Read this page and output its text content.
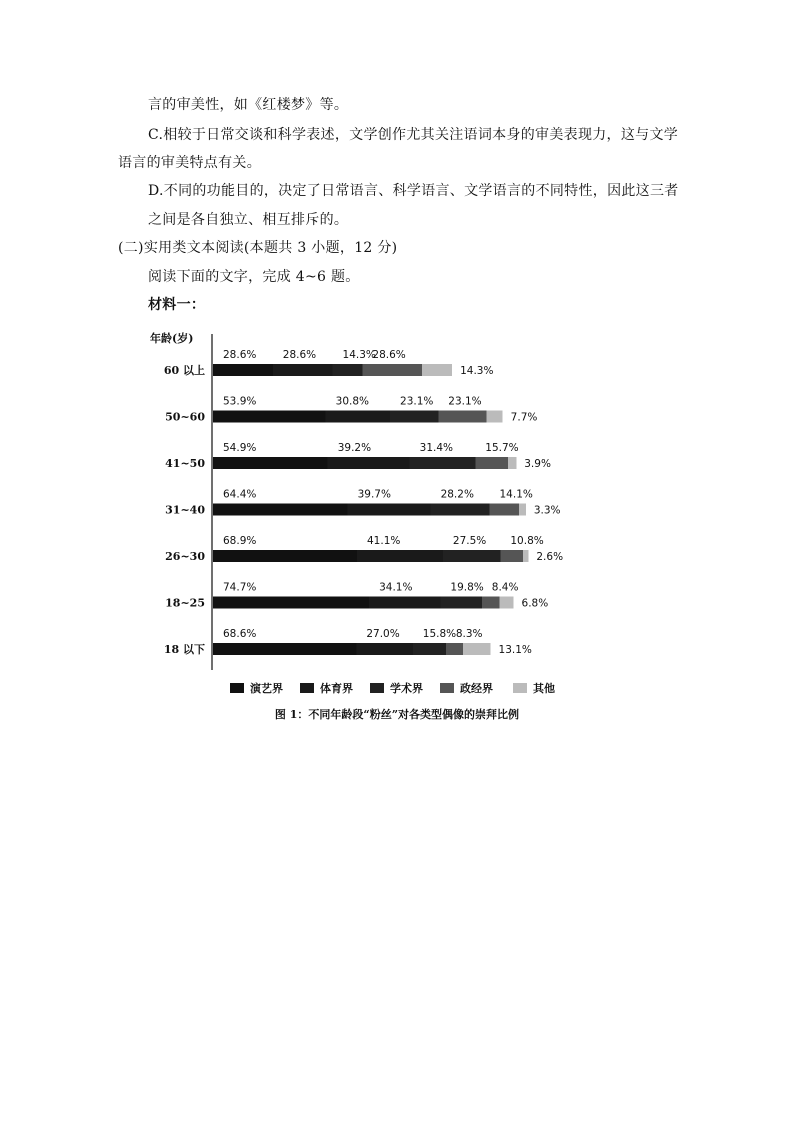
言的审美性，如《红楼梦》等。
C.相较于日常交谈和科学表述，文学创作尤其关注语词本身的审美表现力，这与文学
语言的审美特点有关。
D.不同的功能目的，决定了日常语言、科学语言、文学语言的不同特性，因此这三者
之间是各自独立、相互排斥的。
(二)实用类文本阅读(本题共 3 小题，12 分)
阅读下面的文字，完成 4~6 题。
材料一：
年龄(岁)
60 以上
28.6%	28.6%	14.3%
28.6%
14.3%
50~60
53.9%	30.8%	23.1% 23.1%
7.7%
41~50
54.9%	39.2%	31.4%	15.7%
3.9%
31~40
64.4%	39.7%	28.2% 14.1%
3.3%
26~30
68.9%	41.1%	27.5% 10.8%
2.6%
18~25
74.7%	34.1%	19.8% 8.4%
6.8%
18 以下
68.6%	27.0% 15.8% 8.3%
13.1%
演艺界	体育界	学术界	政经界	其他
图 1：不同年龄段“粉丝”对各类型偶像的崇拜比例
